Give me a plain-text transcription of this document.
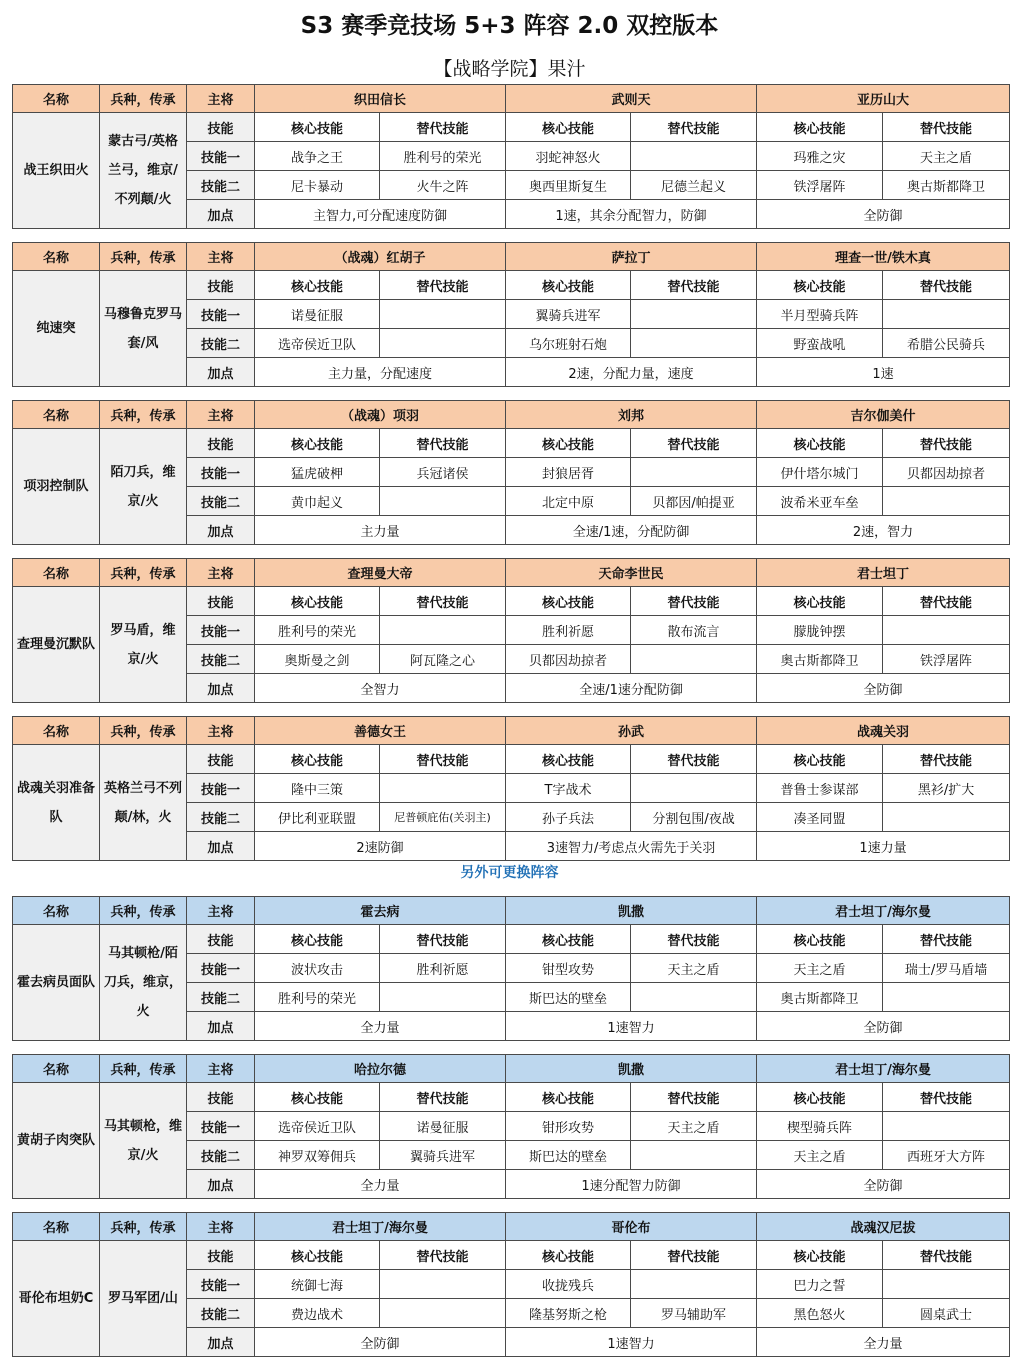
S3 赛季竞技场 5+3 阵容 2.0 双控版本
【战略学院】果汁
另外可更换阵容
名称	兵种，传承	主将	织田信长		武则天		亚历山大	
战王织田火	蒙古弓/英格兰弓，维京/不列颠/火	技能	核心技能	替代技能	核心技能	替代技能	核心技能	替代技能
		技能一	战争之王	胜利号的荣光	羽蛇神怒火		玛雅之灾	天主之盾
		技能二	尼卡暴动	火牛之阵	奥西里斯复生	尼德兰起义	铁浮屠阵	奥古斯都降卫
		加点	主智力,可分配速度防御		1速，其余分配智力，防御		全防御	
名称	兵种，传承	主将	（战魂）红胡子		萨拉丁		理查一世/铁木真	
纯速突	马穆鲁克罗马套/风	技能	核心技能	替代技能	核心技能	替代技能	核心技能	替代技能
		技能一	诺曼征服		翼骑兵进军		半月型骑兵阵	
		技能二	选帝侯近卫队		乌尔班射石炮		野蛮战吼	希腊公民骑兵
		加点	主力量，分配速度		2速，分配力量，速度		1速	
名称	兵种，传承	主将	（战魂）项羽		刘邦		吉尔伽美什	
项羽控制队	陌刀兵，维京/火	技能	核心技能	替代技能	核心技能	替代技能	核心技能	替代技能
		技能一	猛虎破柙	兵冠诸侯	封狼居胥		伊什塔尔城门	贝都因劫掠者
		技能二	黄巾起义		北定中原	贝都因/帕提亚	波希米亚车垒	
		加点	主力量		全速/1速，分配防御		2速，智力	
名称	兵种，传承	主将	查理曼大帝		天命李世民		君士坦丁	
查理曼沉默队	罗马盾，维京/火	技能	核心技能	替代技能	核心技能	替代技能	核心技能	替代技能
		技能一	胜利号的荣光		胜利祈愿	散布流言	朦胧钟摆	
		技能二	奥斯曼之剑	阿瓦隆之心	贝都因劫掠者		奥古斯都降卫	铁浮屠阵
		加点	全智力		全速/1速分配防御		全防御	
名称	兵种，传承	主将	善德女王		孙武		战魂关羽	
战魂关羽准备队	英格兰弓不列颠/林，火	技能	核心技能	替代技能	核心技能	替代技能	核心技能	替代技能
		技能一	隆中三策		T字战术		普鲁士参谋部	黑衫/扩大
		技能二	伊比利亚联盟	尼普顿庇佑(关羽主)	孙子兵法	分割包围/夜战	凑圣同盟	
		加点	2速防御		3速智力/考虑点火需先于关羽		1速力量	
名称	兵种，传承	主将	霍去病		凯撒		君士坦丁/海尔曼	
霍去病员面队	马其顿枪/陌刀兵，维京，火	技能	核心技能	替代技能	核心技能	替代技能	核心技能	替代技能
		技能一	波状攻击	胜利祈愿	钳型攻势	天主之盾	天主之盾	瑞士/罗马盾墙
		技能二	胜利号的荣光		斯巴达的壁垒		奥古斯都降卫	
		加点	全力量		1速智力		全防御	
名称	兵种，传承	主将	哈拉尔德		凯撒		君士坦丁/海尔曼	
黄胡子肉突队	马其顿枪，维京/火	技能	核心技能	替代技能	核心技能	替代技能	核心技能	替代技能
		技能一	选帝侯近卫队	诺曼征服	钳形攻势	天主之盾	楔型骑兵阵	
		技能二	神罗双筹佣兵	翼骑兵进军	斯巴达的壁垒		天主之盾	西班牙大方阵
		加点	全力量		1速分配智力防御		全防御	
名称	兵种，传承	主将	君士坦丁/海尔曼		哥伦布		战魂汉尼拔	
哥伦布坦奶C	罗马军团/山	技能	核心技能	替代技能	核心技能	替代技能	核心技能	替代技能
		技能一	统御七海		收拢残兵		巴力之誓	
		技能二	费边战术		隆基努斯之枪	罗马辅助军	黑色怒火	圆桌武士
		加点	全防御		1速智力		全力量	
